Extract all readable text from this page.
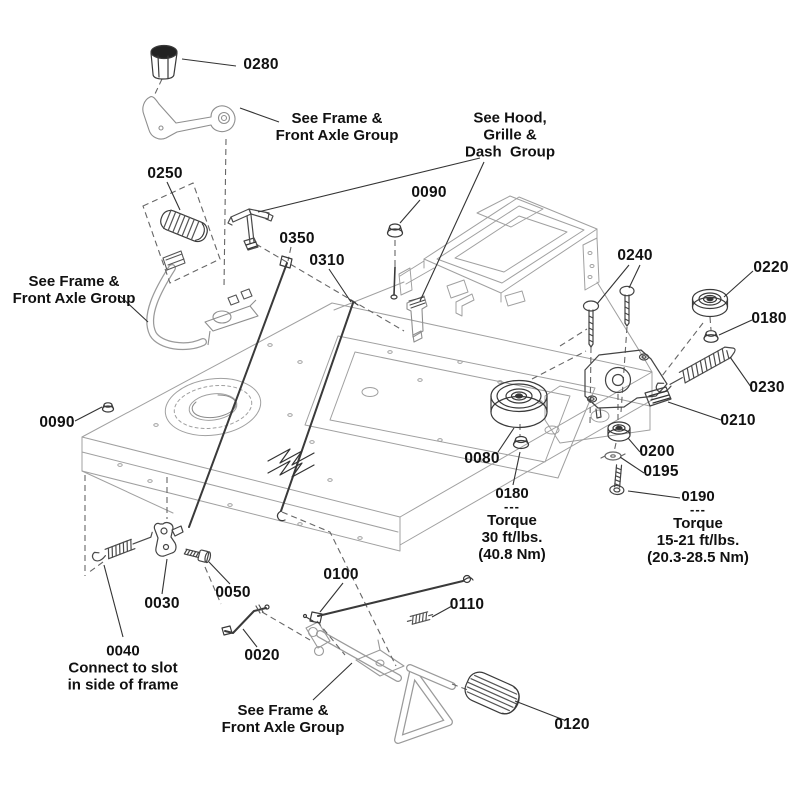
0280
0250
0090
0350
0310	0240
0220
0180
0230
0210
0090
0080	0200
0195
0100
0110
0030
0050
0020
0120
See Frame &
Front Axle Group
See Hood,
Grille &
Dash  Group
See Frame &
Front Axle Group
0180
---
Torque
30 ft/lbs.
(40.8 Nm)
0190
---
Torque
15-21 ft/lbs.
(20.3-28.5 Nm)
0040
Connect to slot
in side of frame
See Frame &
Front Axle Group
